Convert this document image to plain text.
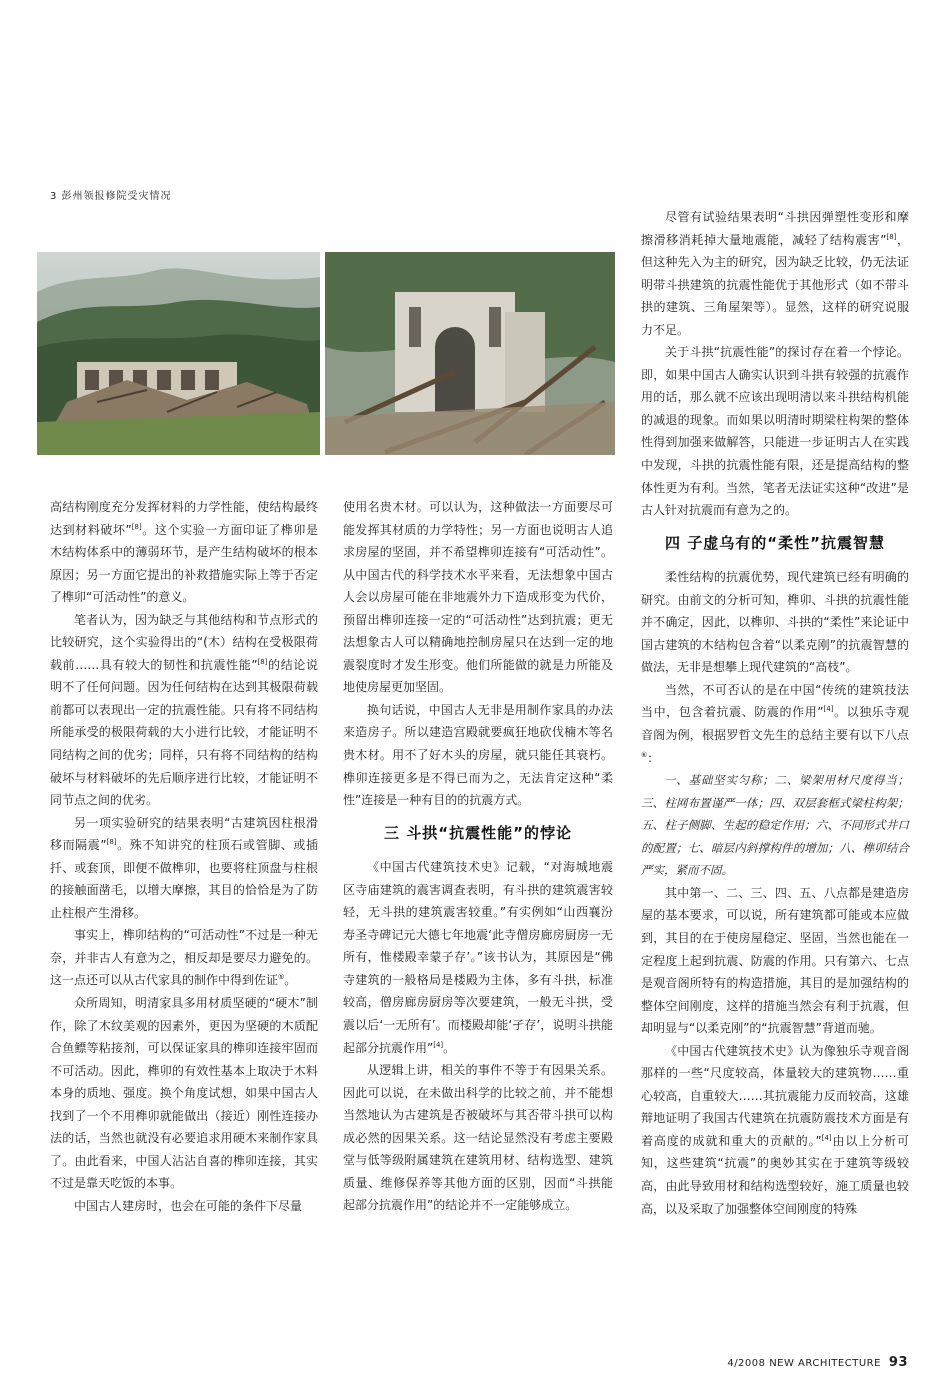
3 彭州领报修院受灾情况

高结构刚度充分发挥材料的力学性能，使结构最终达到材料破坏”[8]。这个实验一方面印证了榫卯是木结构体系中的薄弱环节，是产生结构破坏的根本原因；另一方面它提出的补救措施实际上等于否定了榫卯“可活动性”的意义。

笔者认为，因为缺乏与其他结构和节点形式的比较研究，这个实验得出的“(木）结构在受极限荷载前……具有较大的韧性和抗震性能”[8]的结论说明不了任何问题。因为任何结构在达到其极限荷载前都可以表现出一定的抗震性能。只有将不同结构所能承受的极限荷载的大小进行比较，才能证明不同结构之间的优劣；同样，只有将不同结构的结构破坏与材料破坏的先后顺序进行比较，才能证明不同节点之间的优劣。

另一项实验研究的结果表明“古建筑因柱根滑移而隔震”[8]。殊不知讲究的柱顶石或管脚、或插扦、或套顶，即便不做榫卯，也要将柱顶盘与柱根的接触面凿毛，以增大摩擦，其目的恰恰是为了防止柱根产生滑移。

事实上，榫卯结构的“可活动性”不过是一种无奈，并非古人有意为之，相反却是要尽力避免的。这一点还可以从古代家具的制作中得到佐证⑤。

众所周知，明清家具多用材质坚硬的“硬木”制作，除了木纹美观的因素外，更因为坚硬的木质配合鱼鳔等粘接剂，可以保证家具的榫卯连接牢固而不可活动。因此，榫卯的有效性基本上取决于木料本身的质地、强度。换个角度试想，如果中国古人找到了一个不用榫卯就能做出（接近）刚性连接办法的话，当然也就没有必要追求用硬木来制作家具了。由此看来，中国人沾沾自喜的榫卯连接，其实不过是靠天吃饭的本事。

中国古人建房时，也会在可能的条件下尽量

使用名贵木材。可以认为，这种做法一方面要尽可能发挥其材质的力学特性；另一方面也说明古人追求房屋的坚固，并不希望榫卯连接有“可活动性”。从中国古代的科学技术水平来看，无法想象中国古人会以房屋可能在非地震外力下造成形变为代价，预留出榫卯连接一定的“可活动性”达到抗震；更无法想象古人可以精确地控制房屋只在达到一定的地震裂度时才发生形变。他们所能做的就是力所能及地使房屋更加坚固。

换句话说，中国古人无非是用制作家具的办法来造房子。所以建造宫殿就要疯狂地砍伐楠木等名贵木材。用不了好木头的房屋，就只能任其衰朽。榫卯连接更多是不得已而为之，无法肯定这种“柔性”连接是一种有目的的抗震方式。

三 斗拱“抗震性能”的悖论

《中国古代建筑技术史》记载，“对海城地震区寺庙建筑的震害调查表明，有斗拱的建筑震害较轻，无斗拱的建筑震害较重。”有实例如“山西襄汾寿圣寺碑记元大德七年地震‘此寺僧房廊房厨房一无所有，惟楼殿幸蒙子存’。”该书认为，其原因是“佛寺建筑的一般格局是楼殿为主体，多有斗拱，标准较高，僧房廊房厨房等次要建筑，一般无斗拱，受震以后‘一无所有’。而楼殿却能‘孑存’，说明斗拱能起部分抗震作用”[4]。

从逻辑上讲，相关的事件不等于有因果关系。因此可以说，在未做出科学的比较之前，并不能想当然地认为古建筑是否被破坏与其否带斗拱可以构成必然的因果关系。这一结论显然没有考虑主要殿堂与低等级附属建筑在建筑用材、结构选型、建筑质量、维修保养等其他方面的区别，因而“斗拱能起部分抗震作用”的结论并不一定能够成立。

尽管有试验结果表明“斗拱因弹塑性变形和摩擦滑移消耗掉大量地震能，减轻了结构震害”[8]，但这种先入为主的研究，因为缺乏比较，仍无法证明带斗拱建筑的抗震性能优于其他形式（如不带斗拱的建筑、三角屋架等）。显然，这样的研究说服力不足。

关于斗拱“抗震性能”的探讨存在着一个悖论。即，如果中国古人确实认识到斗拱有较强的抗震作用的话，那么就不应该出现明清以来斗拱结构机能的减退的现象。而如果以明清时期梁柱构架的整体性得到加强来做解答，只能进一步证明古人在实践中发现，斗拱的抗震性能有限，还是提高结构的整体性更为有利。当然，笔者无法证实这种“改进”是古人针对抗震而有意为之的。

四 子虚乌有的“柔性”抗震智慧

柔性结构的抗震优势，现代建筑已经有明确的研究。由前文的分析可知，榫卯、斗拱的抗震性能并不确定，因此，以榫卯、斗拱的“柔性”来论证中国古建筑的木结构包含着“以柔克刚”的抗震智慧的做法，无非是想攀上现代建筑的“高枝”。

当然，不可否认的是在中国“传统的建筑技法当中，包含着抗震、防震的作用”[4]。以独乐寺观音阁为例，根据罗哲文先生的总结主要有以下八点⑥：

一、基础坚实匀称；二、梁架用材尺度得当；三、柱网布置谨严一体；四、双层套框式梁柱构架；五、柱子侧脚、生起的稳定作用；六、不同形式井口的配置；七、暗层内斜撑构件的增加；八、榫卯结合严实，紧而不固。

其中第一、二、三、四、五、八点都是建造房屋的基本要求，可以说，所有建筑都可能或本应做到，其目的在于使房屋稳定、坚固，当然也能在一定程度上起到抗震、防震的作用。只有第六、七点是观音阁所特有的构造措施，其目的是加强结构的整体空间刚度，这样的措施当然会有利于抗震，但却明显与“以柔克刚”的“抗震智慧”背道而驰。

《中国古代建筑技术史》认为像独乐寺观音阁那样的一些“尺度较高，体量较大的建筑物……重心较高，自重较大……其抗震能力反而较高，这雄辩地证明了我国古代建筑在抗震防震技术方面是有着高度的成就和重大的贡献的。”[4]由以上分析可知，这些建筑“抗震”的奥妙其实在于建筑等级较高，由此导致用材和结构选型较好，施工质量也较高，以及采取了加强整体空间刚度的特殊

4/2008 NEW ARCHITECTURE 93
